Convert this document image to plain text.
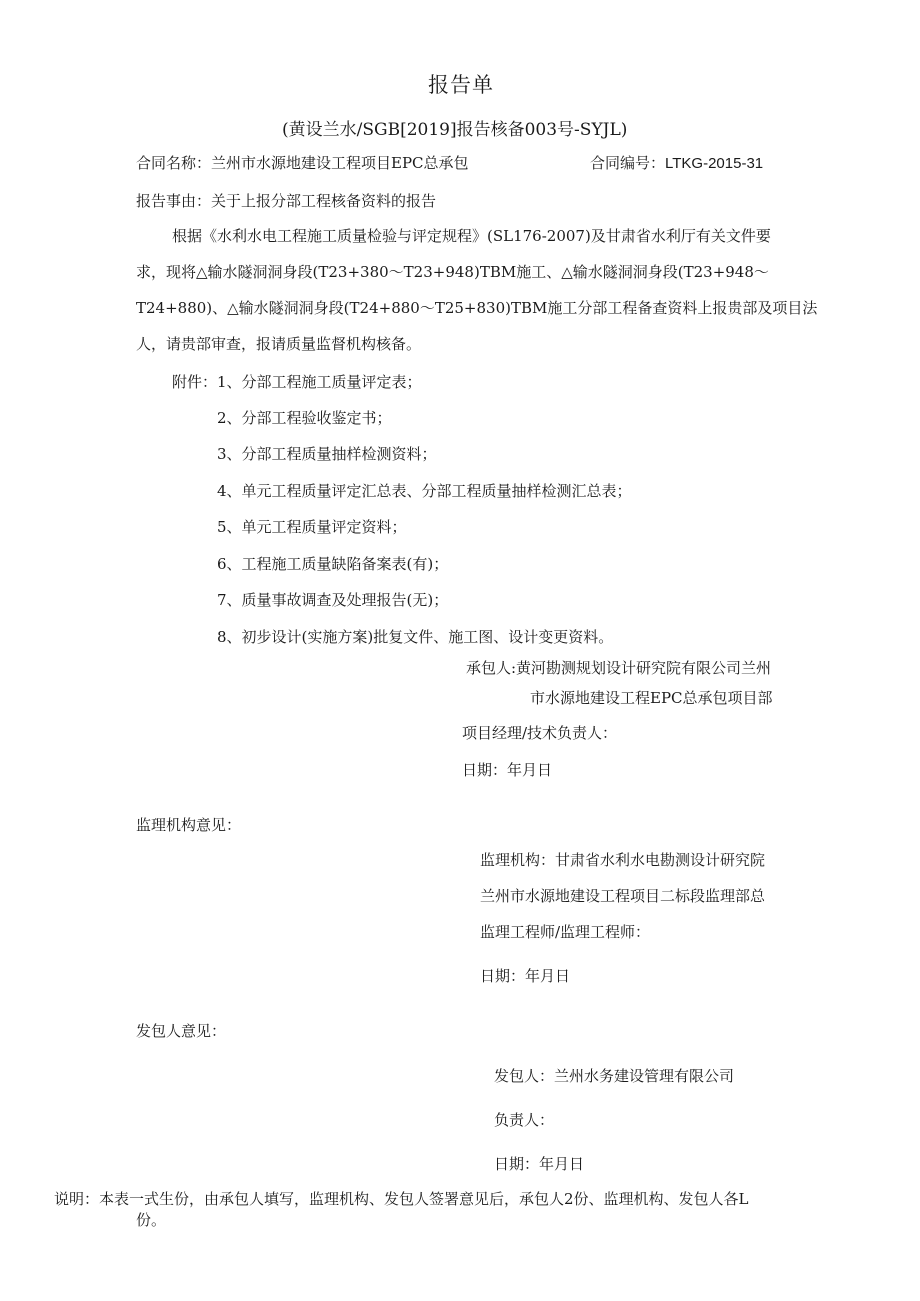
报告单
(黄设兰水/SGB[2019]报告核备003号-SYJL)
合同名称：兰州市水源地建设工程项目EPC总承包	合同编号：LTKG-2015-31
报告事由：关于上报分部工程核备资料的报告
根据《水利水电工程施工质量检验与评定规程》(SL176-2007)及甘肃省水利厅有关文件要
求，现将△输水隧洞洞身段(T23+380～T23+948)TBM施工、△输水隧洞洞身段(T23+948～
T24+880)、△输水隧洞洞身段(T24+880～T25+830)TBM施工分部工程备查资料上报贵部及项目法
人，请贵部审查，报请质量监督机构核备。
附件： 1、分部工程施工质量评定表；
2、分部工程验收鉴定书；
3、分部工程质量抽样检测资料；
4、单元工程质量评定汇总表、分部工程质量抽样检测汇总表；
5、单元工程质量评定资料；
6、工程施工质量缺陷备案表(有)；
7、质量事故调查及处理报告(无)；
8、初步设计(实施方案)批复文件、施工图、设计变更资料。
承包人:黄河勘测规划设计研究院有限公司兰州
市水源地建设工程EPC总承包项目部
项目经理/技术负责人：
日期：年月日
监理机构意见：
监理机构：甘肃省水利水电勘测设计研究院
兰州市水源地建设工程项目二标段监理部总
监理工程师/监理工程师：
日期：年月日
发包人意见：
发包人：兰州水务建设管理有限公司
负责人：
日期：年月日
说明：本表一式生份，由承包人填写，监理机构、发包人签署意见后，承包人2份、监理机构、发包人各L
份。
